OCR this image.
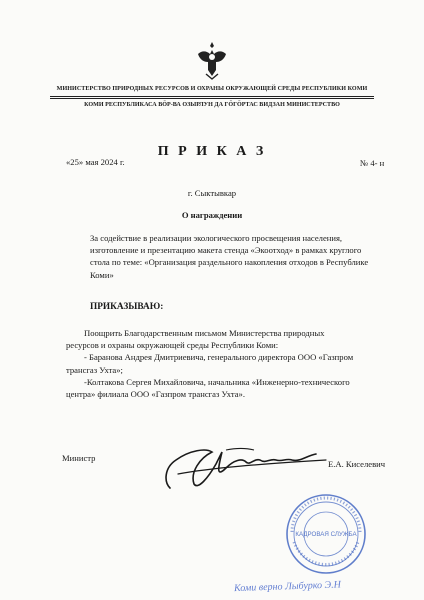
МИНИСТЕРСТВО ПРИРОДНЫХ РЕСУРСОВ И ОХРАНЫ ОКРУЖАЮЩЕЙ СРЕДЫ РЕСПУБЛИКИ КОМИ
КОМИ РЕСПУБЛИКАСА ВӦР-ВА ОЗЫРЛУН ДА ГӦГӦРТАС ВИДЗАН МИНИСТЕРСТВО
П Р И К А З
«25» мая 2024 г.	№ 4- н
г. Сыктывкар
О награждении
За содействие в реализации экологического просвещения населения,
изготовление и презентацию макета стенда «Экоотход» в рамках круглого
стола по теме: «Организация раздельного накопления отходов в Республике
Коми»
ПРИКАЗЫВАЮ:
Поощрить Благодарственным письмом Министерства природных
ресурсов и охраны окружающей среды Республики Коми:
- Баранова Андрея Дмитриевича, генерального директора ООО «Газпром
трансгаз Ухта»;
-Колтакова Сергея Михайловича, начальника «Инженерно-технического
центра» филиала ООО «Газпром трансгаз Ухта».
Министр
Е.А. Киселевич
КАДРОВАЯ СЛУЖБА
Коми верно Лыбурко Э.Н
